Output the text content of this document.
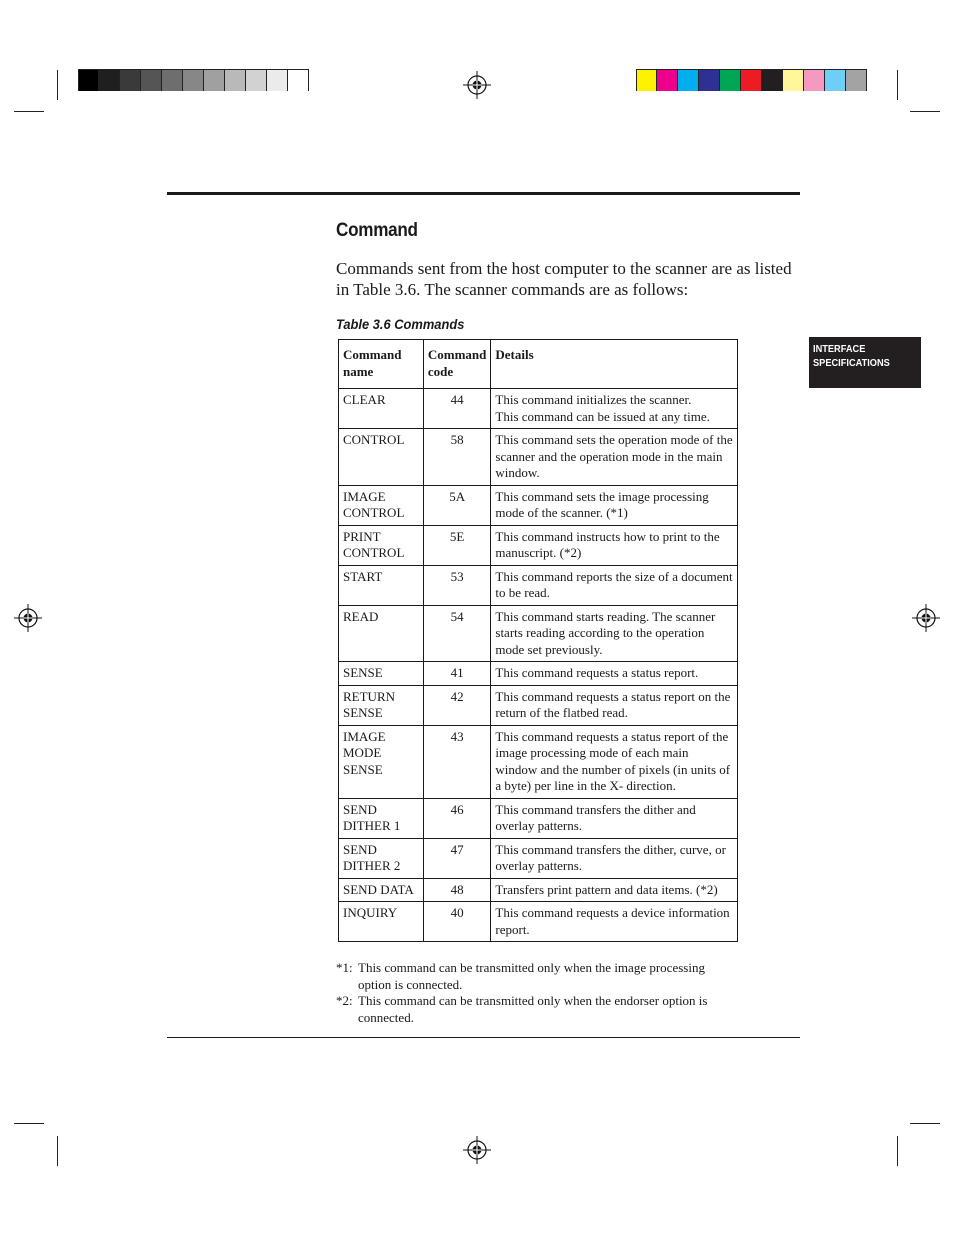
Command
Commands sent from the host computer to the scanner are as listed in Table 3.6. The scanner commands are as follows:
Table 3.6 Commands
INTERFACE
SPECIFICATIONS
Command name	Command code	Details
CLEAR	44	This command initializes the scanner.
This command can be issued at any time.
CONTROL	58	This command sets the operation mode of the scanner and the operation mode in the main window.
IMAGE CONTROL	5A	This command sets the image processing mode of the scanner. (*1)
PRINT CONTROL	5E	This command instructs how to print to the manuscript. (*2)
START	53	This command reports the size of a document to be read.
READ	54	This command starts reading. The scanner starts reading according to the operation mode set previously.
SENSE	41	This command requests a status report.
RETURN SENSE	42	This command requests a status report on the return of the flatbed read.
IMAGE MODE SENSE	43	This command requests a status report of the image processing mode of each main window and the number of pixels (in units of a byte) per line in the X- direction.
SEND DITHER 1	46	This command transfers the dither and overlay patterns.
SEND DITHER 2	47	This command transfers the dither, curve, or overlay patterns.
SEND DATA	48	Transfers print pattern and data items. (*2)
INQUIRY	40	This command requests a device information report.
*1: This command can be transmitted only when the image processing option is connected.
*2: This command can be transmitted only when the endorser option is connected.
